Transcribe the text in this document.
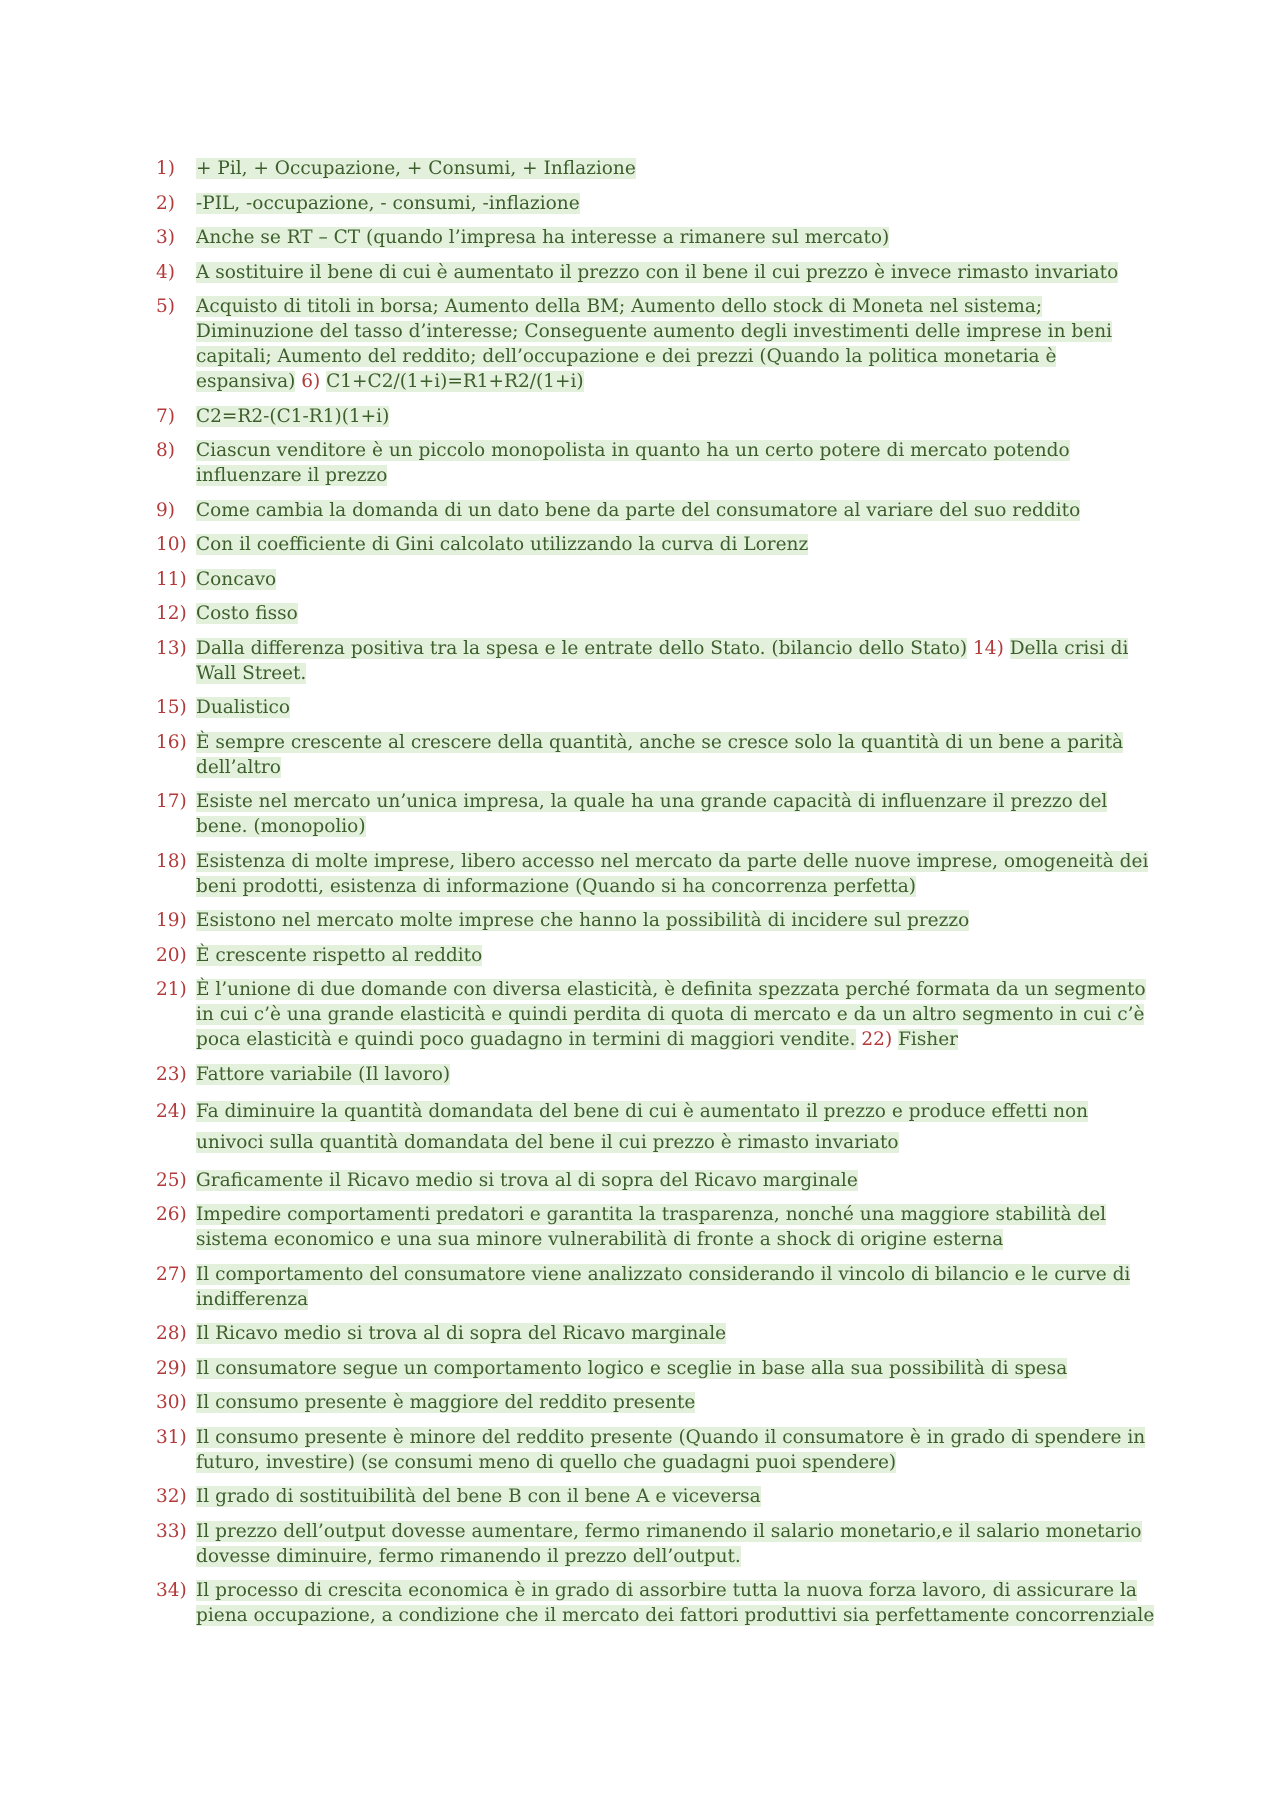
1)	+ Pil, + Occupazione, + Consumi, + Inflazione
2)	-PIL, -occupazione, - consumi, -inflazione
3)	Anche se RT – CT (quando l’impresa ha interesse a rimanere sul mercato)
4)	A sostituire il bene di cui è aumentato il prezzo con il bene il cui prezzo è invece rimasto invariato
5)	Acquisto di titoli in borsa; Aumento della BM; Aumento dello stock di Moneta nel sistema; Diminuzione del tasso d’interesse; Conseguente aumento degli investimenti delle imprese in beni capitali; Aumento del reddito; dell’occupazione e dei prezzi (Quando la politica monetaria è espansiva) 6) C1+C2/(1+i)=R1+R2/(1+i)
7)	C2=R2-(C1-R1)(1+i)
8)	Ciascun venditore è un piccolo monopolista in quanto ha un certo potere di mercato potendo influenzare il prezzo
9)	Come cambia la domanda di un dato bene da parte del consumatore al variare del suo reddito
10) Con il coefficiente di Gini calcolato utilizzando la curva di Lorenz
11) Concavo
12) Costo fisso
13) Dalla differenza positiva tra la spesa e le entrate dello Stato. (bilancio dello Stato) 14) Della crisi di Wall Street.
15) Dualistico
16) È sempre crescente al crescere della quantità, anche se cresce solo la quantità di un bene a parità dell’altro
17) Esiste nel mercato un’unica impresa, la quale ha una grande capacità di influenzare il prezzo del bene. (monopolio)
18) Esistenza di molte imprese, libero accesso nel mercato da parte delle nuove imprese, omogeneità dei beni prodotti, esistenza di informazione (Quando si ha concorrenza perfetta)
19) Esistono nel mercato molte imprese che hanno la possibilità di incidere sul prezzo
20) È crescente rispetto al reddito
21) È l’unione di due domande con diversa elasticità, è definita spezzata perché formata da un segmento in cui c’è una grande elasticità e quindi perdita di quota di mercato e da un altro segmento in cui c’è poca elasticità e quindi poco guadagno in termini di maggiori vendite. 22) Fisher
23) Fattore variabile (Il lavoro)
24) Fa diminuire la quantità domandata del bene di cui è aumentato il prezzo e produce effetti non univoci sulla quantità domandata del bene il cui prezzo è rimasto invariato
25) Graficamente il Ricavo medio si trova al di sopra del Ricavo marginale
26) Impedire comportamenti predatori e garantita la trasparenza, nonché una maggiore stabilità del sistema economico e una sua minore vulnerabilità di fronte a shock di origine esterna
27) Il comportamento del consumatore viene analizzato considerando il vincolo di bilancio e le curve di indifferenza
28) Il Ricavo medio si trova al di sopra del Ricavo marginale
29) Il consumatore segue un comportamento logico e sceglie in base alla sua possibilità di spesa
30) Il consumo presente è maggiore del reddito presente
31) Il consumo presente è minore del reddito presente (Quando il consumatore è in grado di spendere in futuro, investire) (se consumi meno di quello che guadagni puoi spendere)
32) Il grado di sostituibilità del bene B con il bene A e viceversa
33) Il prezzo dell’output dovesse aumentare, fermo rimanendo il salario monetario,e il salario monetario dovesse diminuire, fermo rimanendo il prezzo dell’output.
34) Il processo di crescita economica è in grado di assorbire tutta la nuova forza lavoro, di assicurare la piena occupazione, a condizione che il mercato dei fattori produttivi sia perfettamente concorrenziale
